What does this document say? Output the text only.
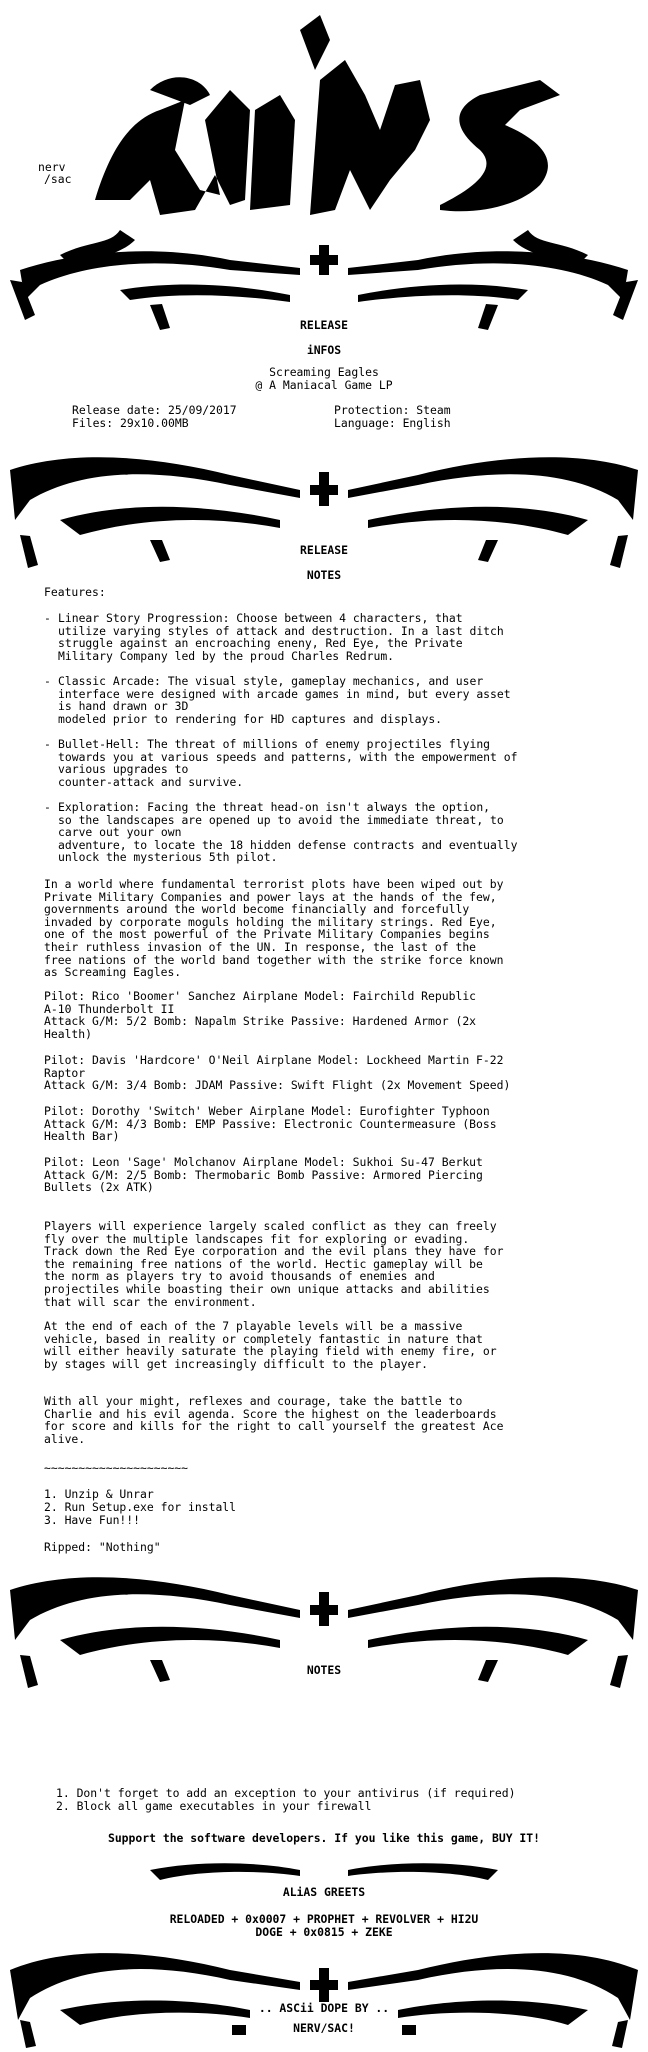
nerv
/sac

RELEASE

iNFOS

Screaming Eagles
@ A Maniacal Game LP
Release date: 25/09/2017
Files: 29x10.00MB
Protection: Steam
Language: English

RELEASE

NOTES

Features:
- Linear Story Progression: Choose between 4 characters, that
utilize varying styles of attack and destruction. In a last ditch
struggle against an encroaching eneny, Red Eye, the Private
Military Company led by the proud Charles Redrum.
- Classic Arcade: The visual style, gameplay mechanics, and user
interface were designed with arcade games in mind, but every asset
is hand drawn or 3D
modeled prior to rendering for HD captures and displays.
- Bullet-Hell: The threat of millions of enemy projectiles flying
towards you at various speeds and patterns, with the empowerment of
various upgrades to
counter-attack and survive.
- Exploration: Facing the threat head-on isn't always the option,
so the landscapes are opened up to avoid the immediate threat, to
carve out your own
adventure, to locate the 18 hidden defense contracts and eventually
unlock the mysterious 5th pilot.
In a world where fundamental terrorist plots have been wiped out by
Private Military Companies and power lays at the hands of the few,
governments around the world become financially and forcefully
invaded by corporate moguls holding the military strings. Red Eye,
one of the most powerful of the Private Military Companies begins
their ruthless invasion of the UN. In response, the last of the
free nations of the world band together with the strike force known
as Screaming Eagles.
Pilot: Rico 'Boomer' Sanchez Airplane Model: Fairchild Republic
A-10 Thunderbolt II
Attack G/M: 5/2 Bomb: Napalm Strike Passive: Hardened Armor (2x
Health)
Pilot: Davis 'Hardcore' O'Neil Airplane Model: Lockheed Martin F-22
Raptor
Attack G/M: 3/4 Bomb: JDAM Passive: Swift Flight (2x Movement Speed)
Pilot: Dorothy 'Switch' Weber Airplane Model: Eurofighter Typhoon
Attack G/M: 4/3 Bomb: EMP Passive: Electronic Countermeasure (Boss
Health Bar)
Pilot: Leon 'Sage' Molchanov Airplane Model: Sukhoi Su-47 Berkut
Attack G/M: 2/5 Bomb: Thermobaric Bomb Passive: Armored Piercing
Bullets (2x ATK)
Players will experience largely scaled conflict as they can freely
fly over the multiple landscapes fit for exploring or evading.
Track down the Red Eye corporation and the evil plans they have for
the remaining free nations of the world. Hectic gameplay will be
the norm as players try to avoid thousands of enemies and
projectiles while boasting their own unique attacks and abilities
that will scar the environment.
At the end of each of the 7 playable levels will be a massive
vehicle, based in reality or completely fantastic in nature that
will either heavily saturate the playing field with enemy fire, or
by stages will get increasingly difficult to the player.
With all your might, reflexes and courage, take the battle to
Charlie and his evil agenda. Score the highest on the leaderboards
for score and kills for the right to call yourself the greatest Ace
alive.
~~~~~~~~~~~~~~~~~~~~~
1. Unzip & Unrar
2. Run Setup.exe for install
3. Have Fun!!!
Ripped: "Nothing"
NOTES
1. Don't forget to add an exception to your antivirus (if required)
2. Block all game executables in your firewall
Support the software developers. If you like this game, BUY IT!
ALiAS GREETS
RELOADED + 0x0007 + PROPHET + REVOLVER + HI2U
DOGE + 0x0815 + ZEKE
.. ASCii DOPE BY ..
NERV/SAC!
